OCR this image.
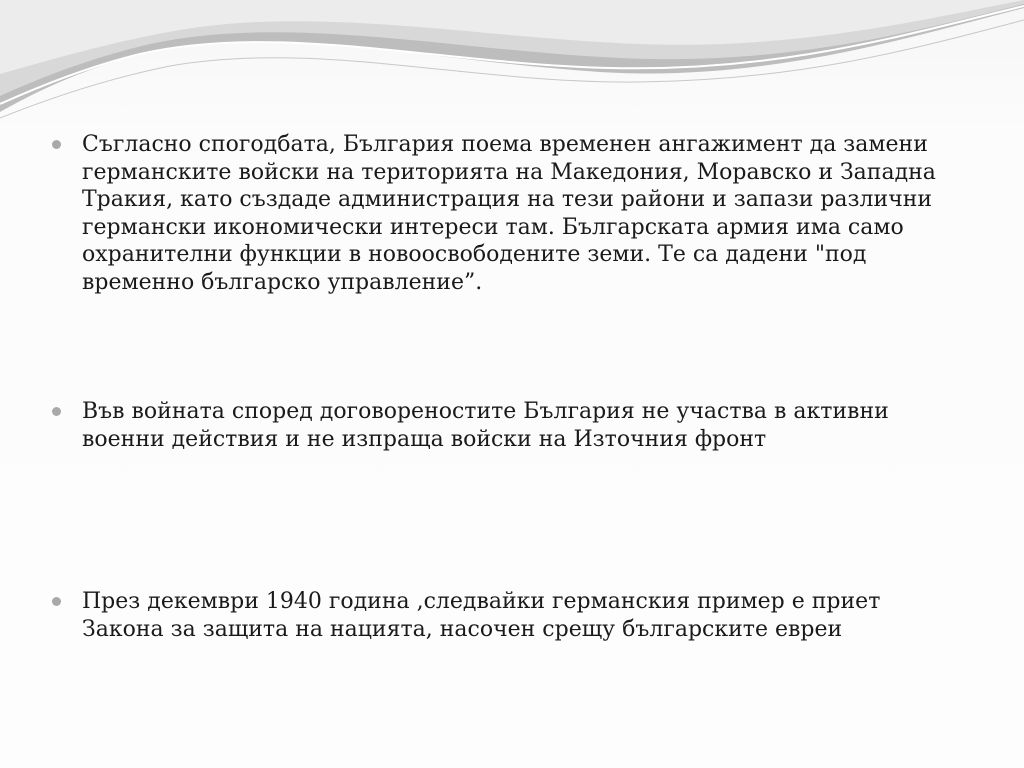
Съгласно спогодбата, България поема временен ангажимент да замени германските войски на територията на Македония, Моравско и Западна Тракия, като създаде администрация на тези райони и запази различни германски икономически интереси там. Българската армия има само охранителни функции в новоосвободените земи. Те са дадени "под временно българско управление”.
Във войната според договореностите България не участва в активни военни действия и не изпраща войски на Източния фронт
През декември 1940 година ,следвайки германския пример е приет Закона за защита на нацията, насочен срещу българските евреи
